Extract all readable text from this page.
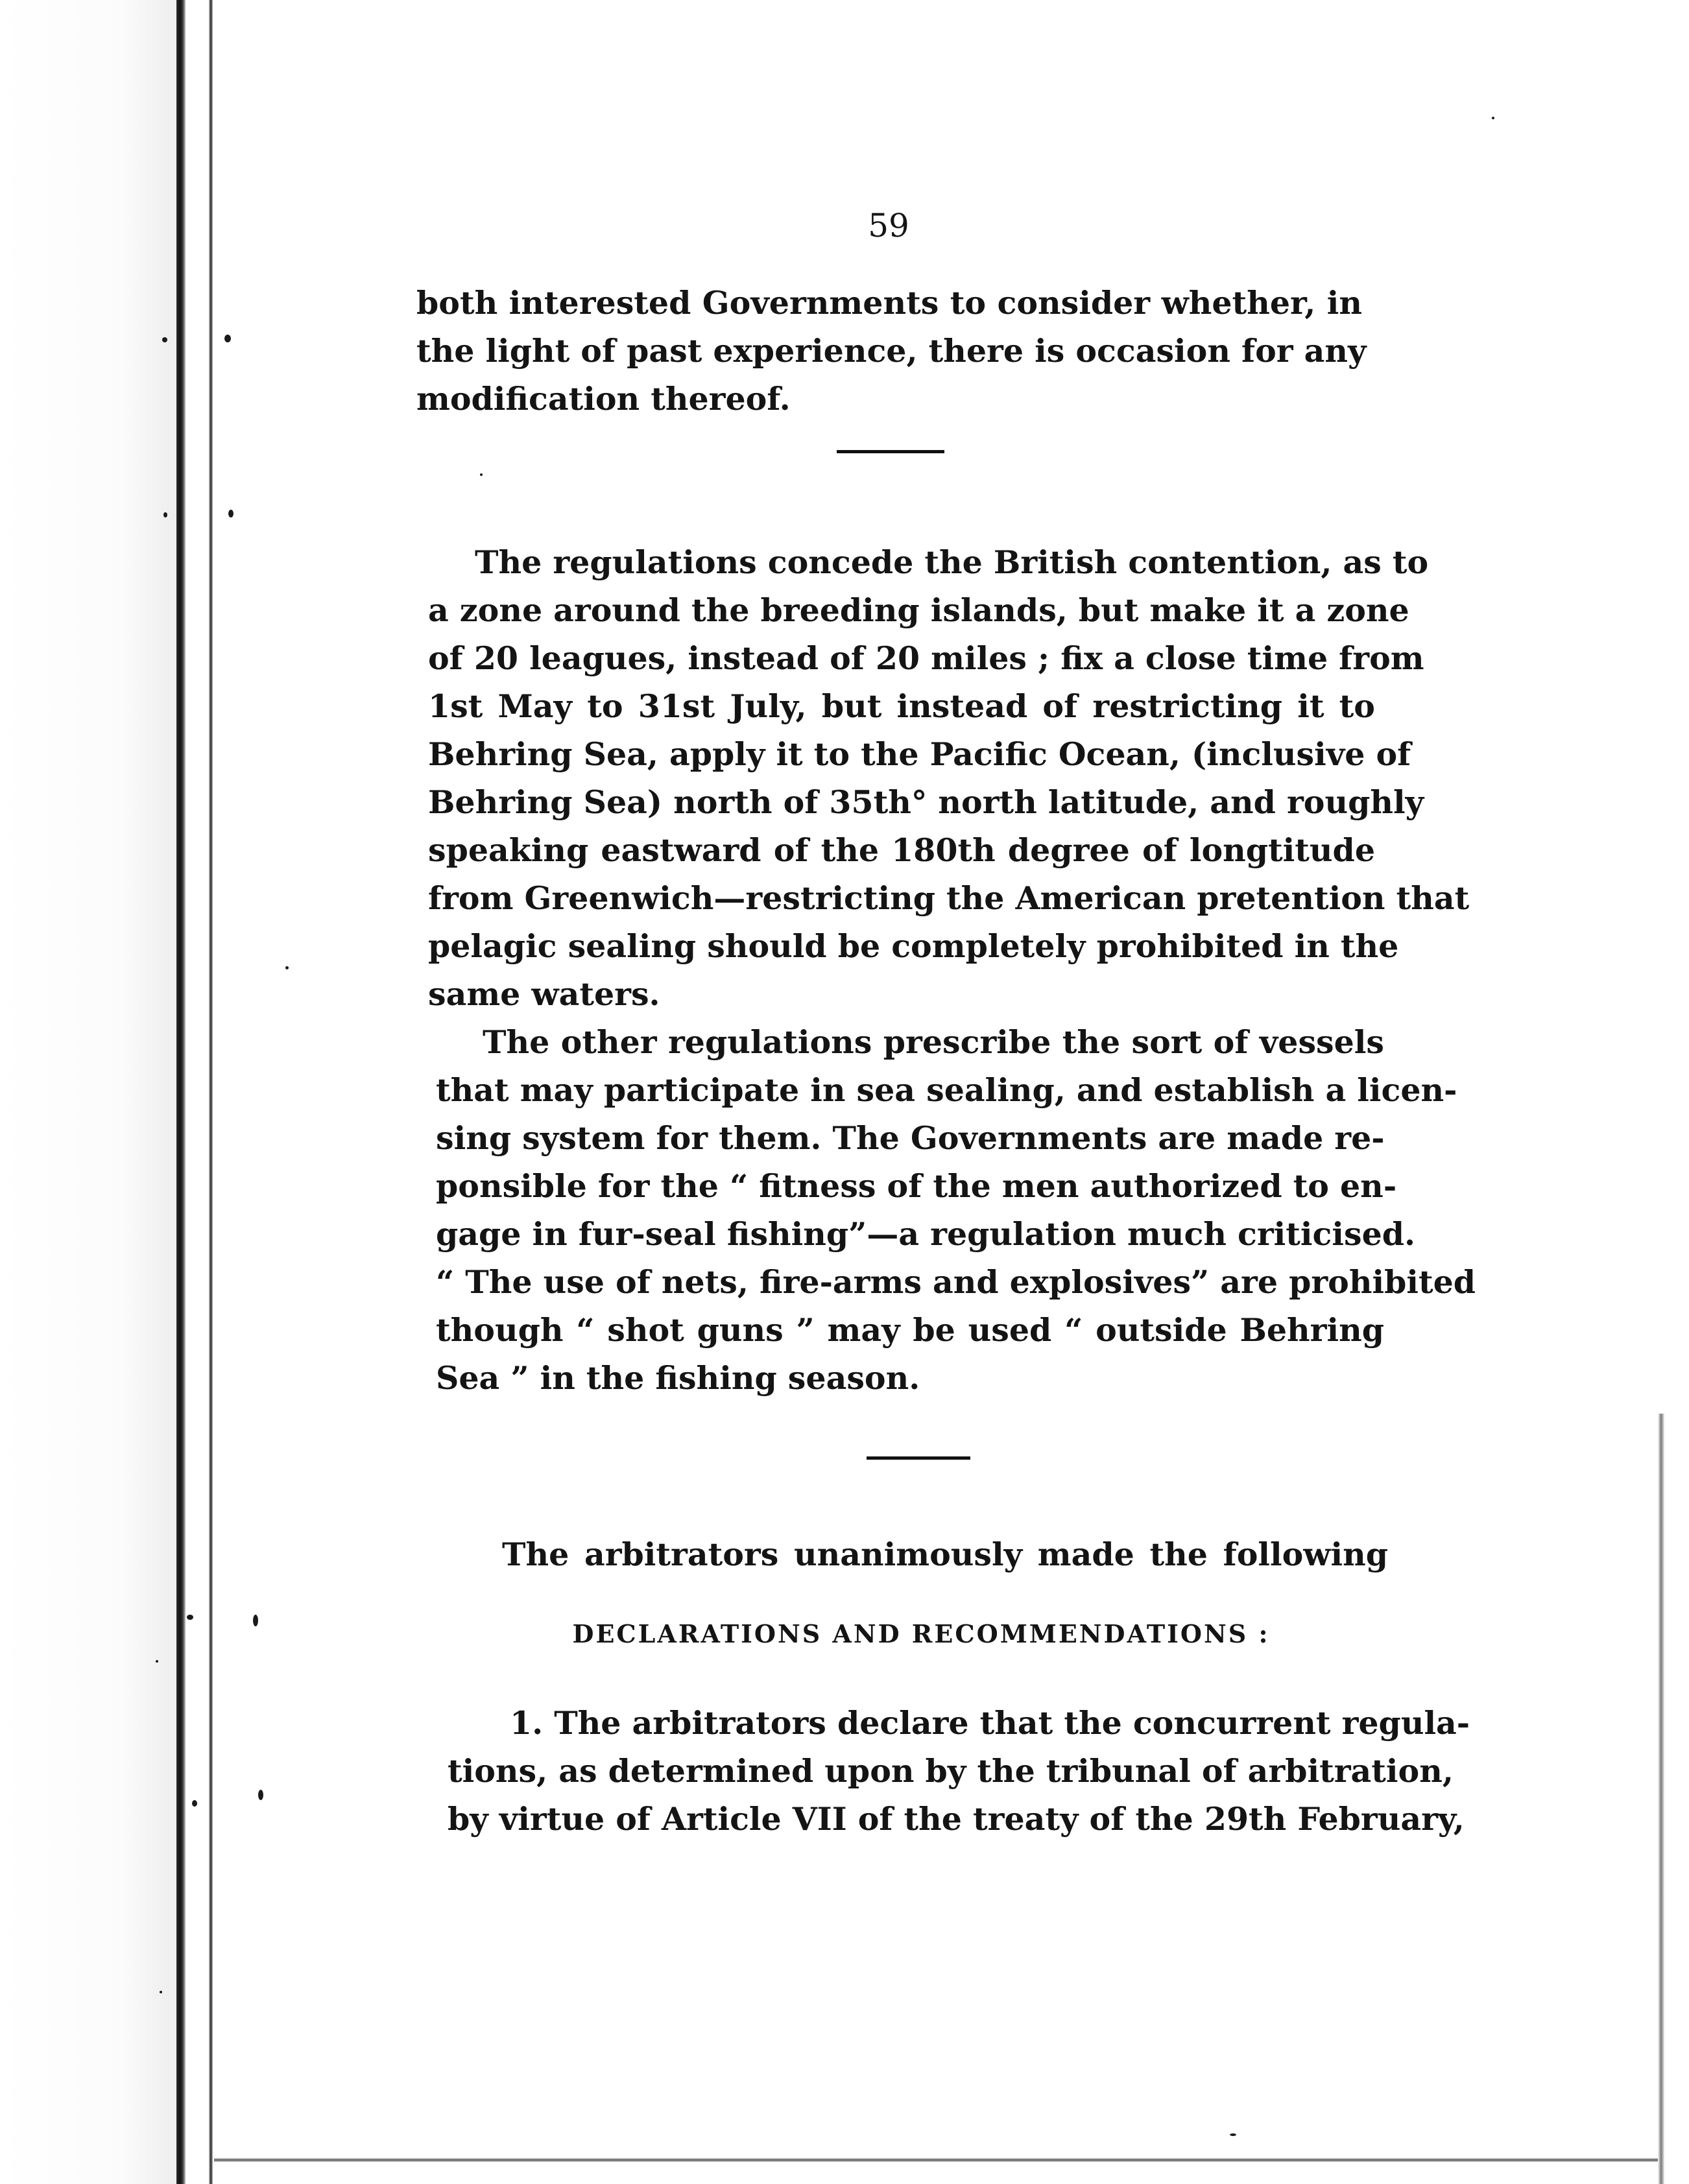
59

both interested Governments to consider whether, in
the light of past experience, there is occasion for any
modification thereof.

The regulations concede the British contention, as to
a zone around the breeding islands, but make it a zone
of 20 leagues, instead of 20 miles ; fix a close time from
1st May to 31st July, but instead of restricting it to
Behring Sea, apply it to the Pacific Ocean, (inclusive of
Behring Sea) north of 35th° north latitude, and roughly
speaking eastward of the 180th degree of longtitude
from Greenwich—restricting the American pretention that
pelagic sealing should be completely prohibited in the
same waters.

The other regulations prescribe the sort of vessels
that may participate in sea sealing, and establish a licen-
sing system for them. The Governments are made re-
ponsible for the “ fitness of the men authorized to en-
gage in fur-seal fishing”—a regulation much criticised.
“ The use of nets, fire-arms and explosives” are prohibited
though “ shot guns ” may be used “ outside Behring
Sea ” in the fishing season.

The arbitrators unanimously made the following

DECLARATIONS AND RECOMMENDATIONS :

1. The arbitrators declare that the concurrent regula-
tions, as determined upon by the tribunal of arbitration,
by virtue of Article VII of the treaty of the 29th February,
